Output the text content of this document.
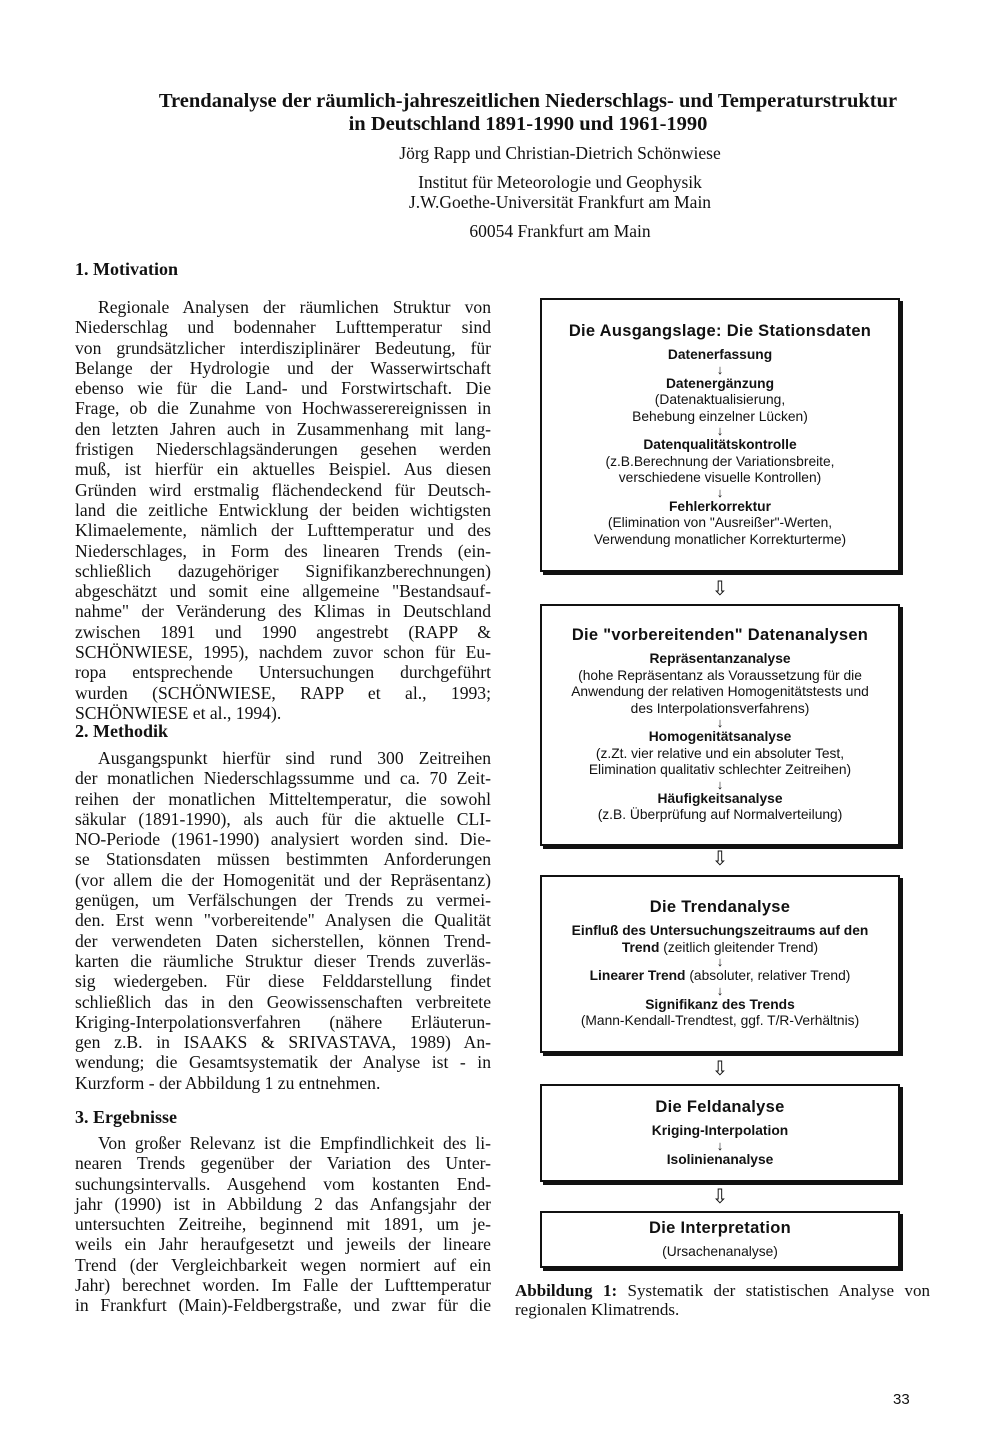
Trendanalyse der räumlich-jahreszeitlichen Niederschlags- und Temperaturstruktur
in Deutschland 1891-1990 und 1961-1990
Jörg Rapp und Christian-Dietrich Schönwiese
Institut für Meteorologie und Geophysik
J.W.Goethe-Universität Frankfurt am Main
60054 Frankfurt am Main
1. Motivation
Regionale Analysen der räumlichen Struktur von
Niederschlag und bodennaher Lufttemperatur sind
von grundsätzlicher interdisziplinärer Bedeutung, für
Belange der Hydrologie und der Wasserwirtschaft
ebenso wie für die Land- und Forstwirtschaft. Die
Frage, ob die Zunahme von Hochwasserereignissen in
den letzten Jahren auch in Zusammenhang mit lang-
fristigen Niederschlagsänderungen gesehen werden
muß, ist hierfür ein aktuelles Beispiel. Aus diesen
Gründen wird erstmalig flächendeckend für Deutsch-
land die zeitliche Entwicklung der beiden wichtigsten
Klimaelemente, nämlich der Lufttemperatur und des
Niederschlages, in Form des linearen Trends (ein-
schließlich dazugehöriger Signifikanzberechnungen)
abgeschätzt und somit eine allgemeine "Bestandsauf-
nahme" der Veränderung des Klimas in Deutschland
zwischen 1891 und 1990 angestrebt (RAPP &
SCHÖNWIESE, 1995), nachdem zuvor schon für Eu-
ropa entsprechende Untersuchungen durchgeführt
wurden (SCHÖNWIESE, RAPP et al., 1993;
SCHÖNWIESE et al., 1994).
2. Methodik
Ausgangspunkt hierfür sind rund 300 Zeitreihen
der monatlichen Niederschlagssumme und ca. 70 Zeit-
reihen der monatlichen Mitteltemperatur, die sowohl
säkular (1891-1990), als auch für die aktuelle CLI-
NO-Periode (1961-1990) analysiert worden sind. Die-
se Stationsdaten müssen bestimmten Anforderungen
(vor allem die der Homogenität und der Repräsentanz)
genügen, um Verfälschungen der Trends zu vermei-
den. Erst wenn "vorbereitende" Analysen die Qualität
der verwendeten Daten sicherstellen, können Trend-
karten die räumliche Struktur dieser Trends zuverläs-
sig wiedergeben. Für diese Felddarstellung findet
schließlich das in den Geowissenschaften verbreitete
Kriging-Interpolationsverfahren (nähere Erläuterun-
gen z.B. in ISAAKS & SRIVASTAVA, 1989) An-
wendung; die Gesamtsystematik der Analyse ist - in
Kurzform - der Abbildung 1 zu entnehmen.
3. Ergebnisse
Von großer Relevanz ist die Empfindlichkeit des li-
nearen Trends gegenüber der Variation des Unter-
suchungsintervalls. Ausgehend vom kostanten End-
jahr (1990) ist in Abbildung 2 das Anfangsjahr der
untersuchten Zeitreihe, beginnend mit 1891, um je-
weils ein Jahr heraufgesetzt und jeweils der lineare
Trend (der Vergleichbarkeit wegen normiert auf ein
Jahr) berechnet worden. Im Falle der Lufttemperatur
in Frankfurt (Main)-Feldbergstraße, und zwar für die
Die Ausgangslage: Die Stationsdaten
Datenerfassung
↓
Datenergänzung
(Datenaktualisierung,
Behebung einzelner Lücken)
↓
Datenqualitätskontrolle
(z.B.Berechnung der Variationsbreite,
verschiedene visuelle Kontrollen)
↓
Fehlerkorrektur
(Elimination von "Ausreißer"-Werten,
Verwendung monatlicher Korrekturterme)
Die "vorbereitenden" Datenanalysen
Repräsentanzanalyse
(hohe Repräsentanz als Voraussetzung für die
Anwendung der relativen Homogenitätstests und
des Interpolationsverfahrens)
↓
Homogenitätsanalyse
(z.Zt. vier relative und ein absoluter Test,
Elimination qualitativ schlechter Zeitreihen)
↓
Häufigkeitsanalyse
(z.B. Überprüfung auf Normalverteilung)
Die Trendanalyse
Einfluß des Untersuchungszeitraums auf den
Trend (zeitlich gleitender Trend)
↓
Linearer Trend (absoluter, relativer Trend)
↓
Signifikanz des Trends
(Mann-Kendall-Trendtest, ggf. T/R-Verhältnis)
Die Feldanalyse
Kriging-Interpolation
↓
Isolinienanalyse
Die Interpretation
(Ursachenanalyse)
⇩
⇩
⇩
⇩
Abbildung 1: Systematik der statistischen Analyse von regionalen Klimatrends.
33
